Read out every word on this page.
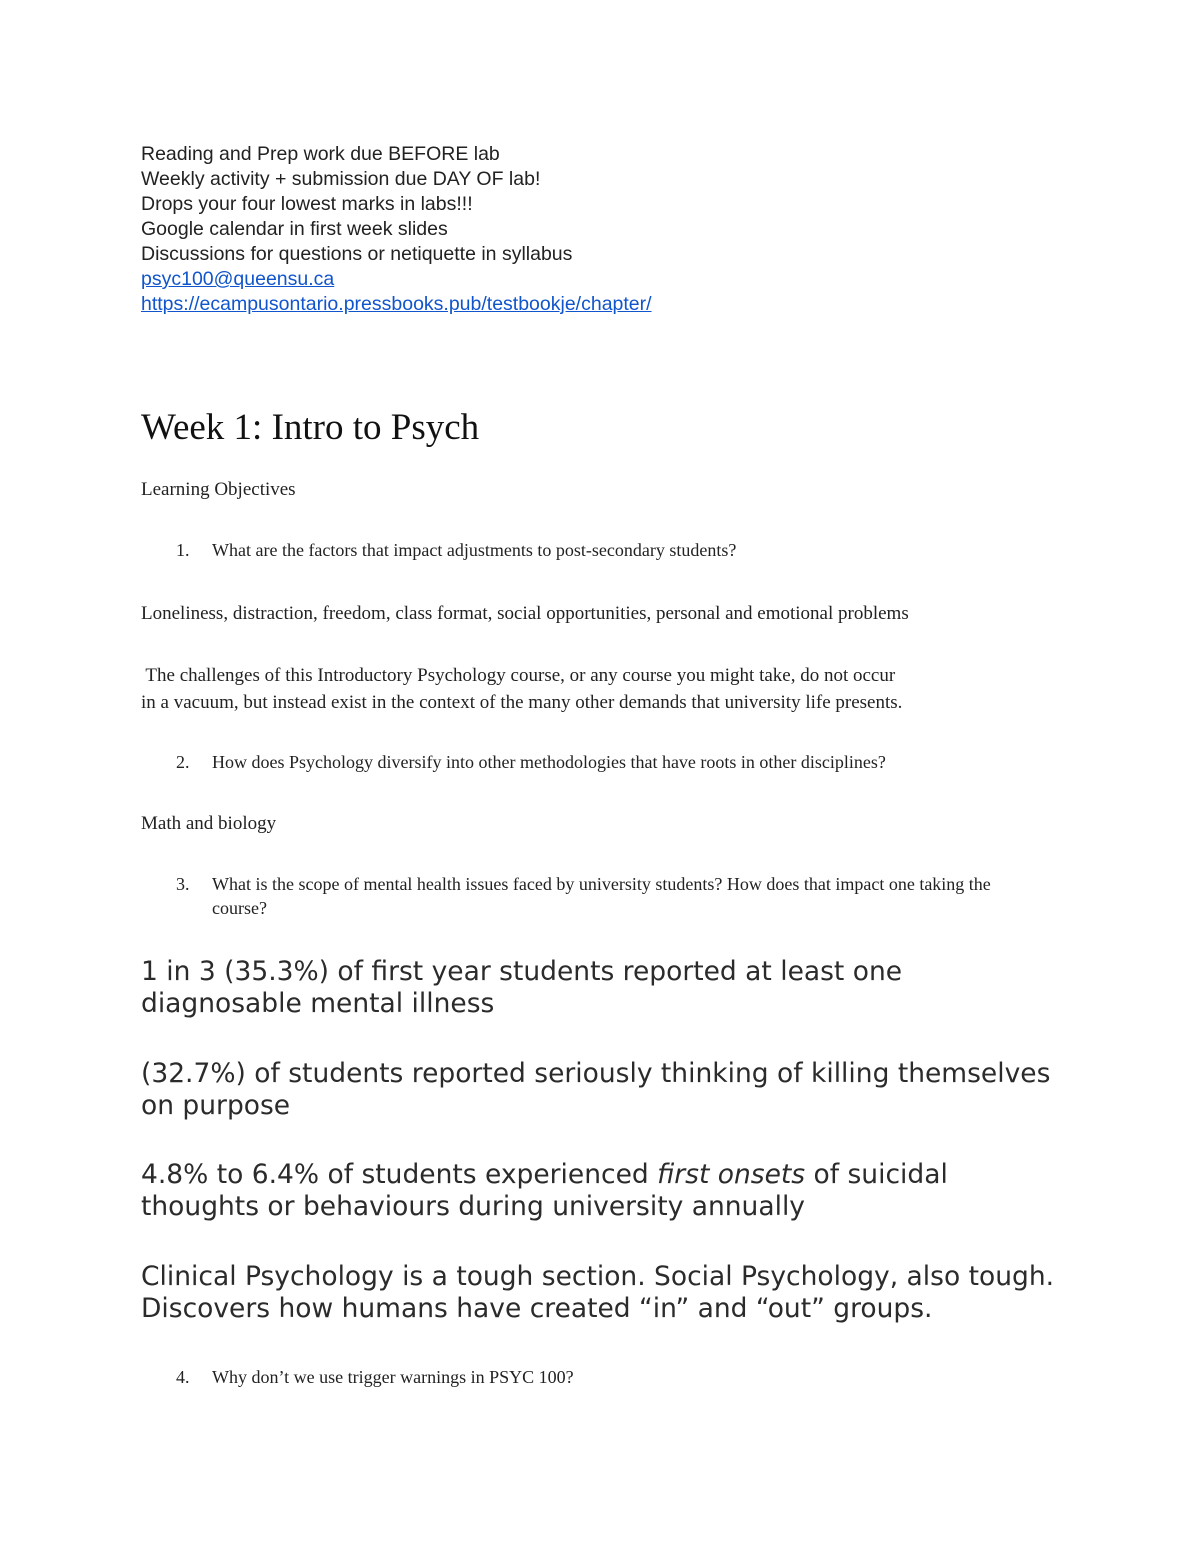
Reading and Prep work due BEFORE lab
Weekly activity + submission due DAY OF lab!
Drops your four lowest marks in labs!!!
Google calendar in first week slides
Discussions for questions or netiquette in syllabus
psyc100@queensu.ca
https://ecampusontario.pressbooks.pub/testbookje/chapter/
Week 1: Intro to Psych
Learning Objectives
1.	What are the factors that impact adjustments to post-secondary students?
Loneliness, distraction, freedom, class format, social opportunities, personal and emotional problems
The challenges of this Introductory Psychology course, or any course you might take, do not occur
in a vacuum, but instead exist in the context of the many other demands that university life presents.
2.	How does Psychology diversify into other methodologies that have roots in other disciplines?
Math and biology
3.	What is the scope of mental health issues faced by university students? How does that impact one taking the course?
1 in 3 (35.3%) of first year students reported at least one diagnosable mental illness
(32.7%) of students reported seriously thinking of killing themselves on purpose
4.8% to 6.4% of students experienced first onsets of suicidal thoughts or behaviours during university annually
Clinical Psychology is a tough section. Social Psychology, also tough. Discovers how humans have created “in” and “out” groups.
4.	Why don’t we use trigger warnings in PSYC 100?
